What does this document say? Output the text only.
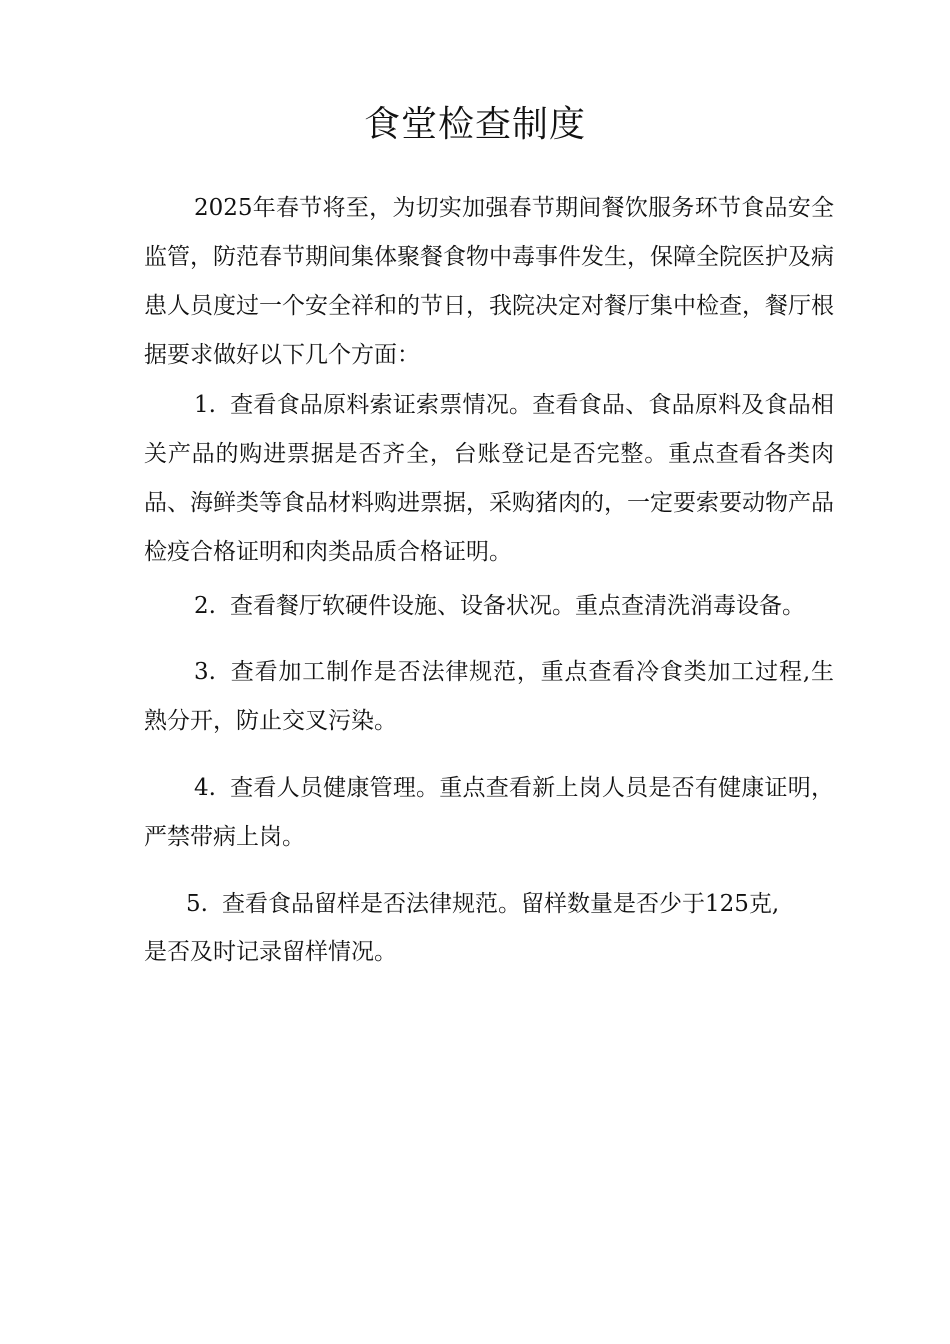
食堂检查制度

2025年春节将至，为切实加强春节期间餐饮服务环节食品安全监管，防范春节期间集体聚餐食物中毒事件发生，保障全院医护及病患人员度过一个安全祥和的节日，我院决定对餐厅集中检查，餐厅根据要求做好以下几个方面：

1. 查看食品原料索证索票情况。查看食品、食品原料及食品相关产品的购进票据是否齐全，台账登记是否完整。重点查看各类肉品、海鲜类等食品材料购进票据，采购猪肉的，一定要索要动物产品检疫合格证明和肉类品质合格证明。

2. 查看餐厅软硬件设施、设备状况。重点查清洗消毒设备。

3. 查看加工制作是否法律规范，重点查看冷食类加工过程,生熟分开，防止交叉污染。

4. 查看人员健康管理。重点查看新上岗人员是否有健康证明，严禁带病上岗。

5. 查看食品留样是否法律规范。留样数量是否少于125克,

是否及时记录留样情况。
